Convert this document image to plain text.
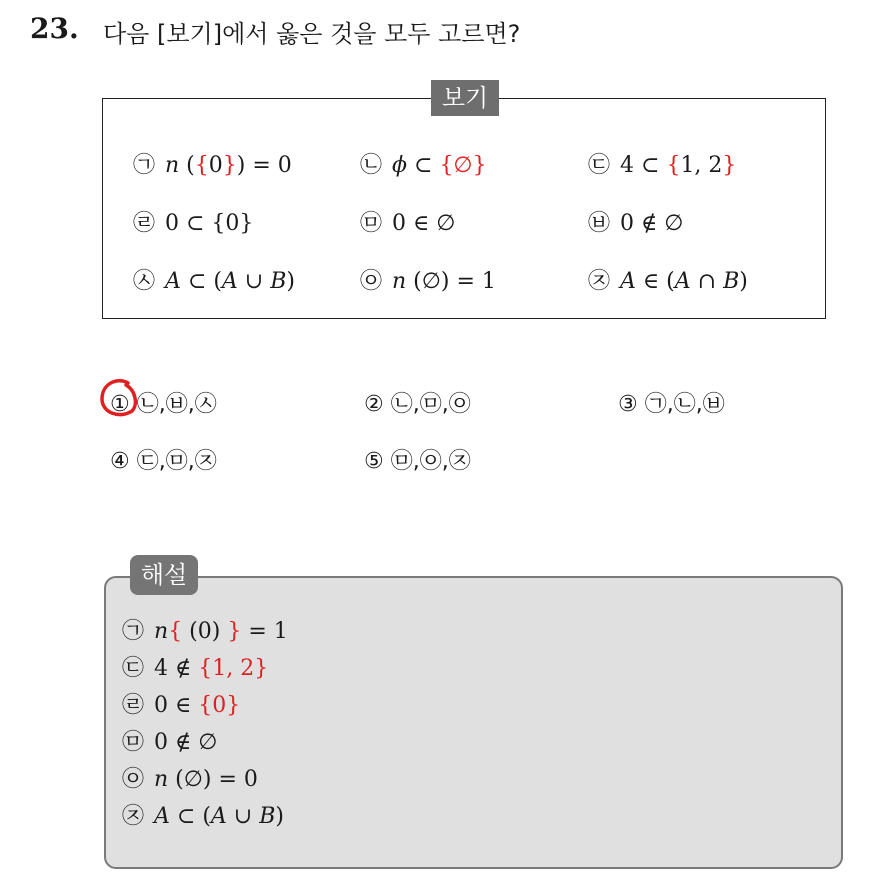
23. 다음 [보기]에서 옳은 것을 모두 고르면?
보기
㉠ n ({0}) = 0	㉡ ϕ ⊂ {∅}	㉢ 4 ⊂ {1, 2}
㉣ 0 ⊂ {0}	㉤ 0 ∈ ∅	㉥ 0 ∉ ∅
㉦ A ⊂ (A ∪ B)	㉧ n (∅) = 1	㉨ A ∈ (A ∩ B)
① ㉡,㉥,㉦	② ㉡,㉤,㉧	③ ㉠,㉡,㉥
④ ㉢,㉤,㉨	⑤ ㉤,㉧,㉨
해설
㉠ n{ (0) } = 1
㉢ 4 ∉ {1, 2}
㉣ 0 ∈ {0}
㉤ 0 ∉ ∅
㉧ n (∅) = 0
㉨ A ⊂ (A ∪ B)
